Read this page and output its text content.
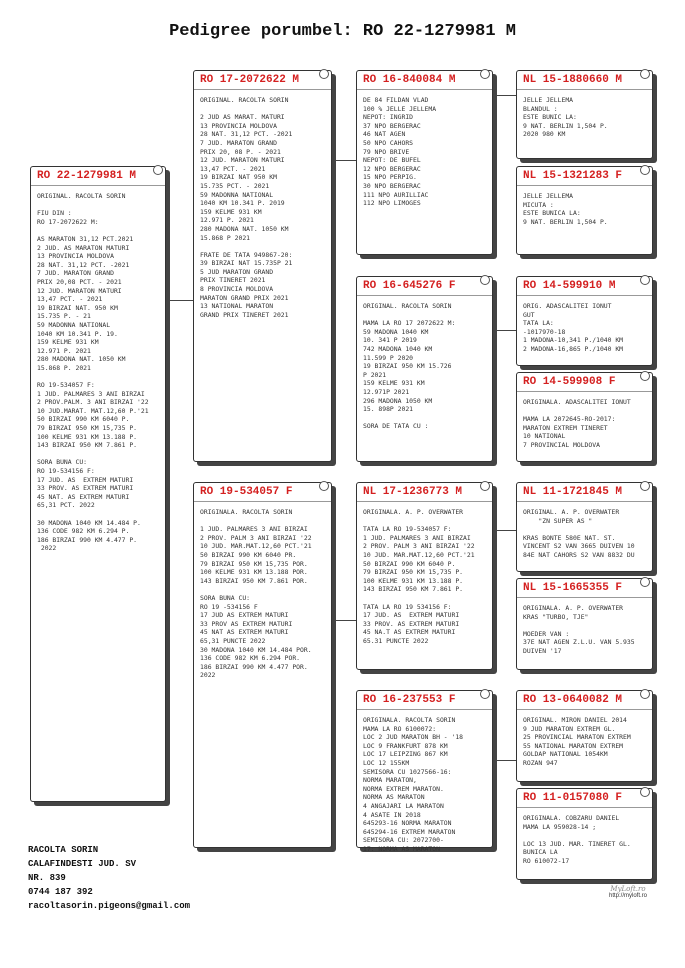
Pedigree porumbel: RO 22-1279981 M
RO 22-1279981 M
ORIGINAL. RACOLTA SORIN

FIU DIN :
RO 17-2072622 M:

AS MARATON 31,12 PCT.2021
2 JUD. AS MARATON MATURI
13 PROVINCIA MOLDOVA
28 NAT. 31,12 PCT. -2021
7 JUD. MARATON GRAND
PRIX 20,08 PCT. - 2021
12 JUD. MARATON MATURI
13,47 PCT. - 2021
19 BIRZAI NAT. 950 KM
15.735 P. - 21
59 MADONNA NATIONAL
1040 KM 10.341 P. 19.
159 KELME 931 KM
12.971 P. 2021
280 MADONA NAT. 1050 KM
15.868 P. 2021

RO 19-534057 F:
1 JUD. PALMARES 3 ANI BIRZAI
2 PROV.PALM. 3 ANI BIRZAI '22
10 JUD.MARAT. MAT.12,60 P.'21
50 BIRZAI 990 KM 6040 P.
79 BIRZAI 950 KM 15,735 P.
100 KELME 931 KM 13.188 P.
143 BIRZAI 950 KM 7.861 P.

SORA BUNA CU:
RO 19-534156 F:
17 JUD. AS  EXTREM MATURI
33 PROV. AS EXTREM MATURI
45 NAT. AS EXTREM MATURI
65,31 PCT. 2022

30 MADONA 1040 KM 14.484 P.
136 CODE 982 KM 6.294 P.
186 BIRZAI 990 KM 4.477 P.
2022
RO 17-2072622 M
ORIGINAL. RACOLTA SORIN

2 JUD AS MARAT. MATURI
13 PROVINCIA MOLDOVA
28 NAT. 31,12 PCT. -2021
7 JUD. MARATON GRAND
PRIX 20, 08 P. - 2021
12 JUD. MARATON MATURI
13,47 PCT. - 2021
19 BIRZAI NAT 950 KM
15.735 PCT. - 2021
59 MADONNA NATIONAL
1040 KM 10.341 P. 2019
159 KELME 931 KM
12.971 P. 2021
280 MADONA NAT. 1050 KM
15.868 P 2021

FRATE DE TATA 949867-20:
39 BIRZAI NAT 15.735P 21
5 JUD MARATON GRAND
PRIX TINERET 2021
8 PROVINCIA MOLDOVA
MARATON GRAND PRIX 2021
13 NATIONAL MARATON
GRAND PRIX TINERET 2021
RO 19-534057 F
ORIGINALA. RACOLTA SORIN

1 JUD. PALMARES 3 ANI BIRZAI
2 PROV. PALM 3 ANI BIRZAI '22
10 JUD. MAR.MAT.12,60 PCT.'21
50 BIRZAI 990 KM 6040 PR.
79 BIRZAI 950 KM 15,735 POR.
100 KELME 931 KM 13.188 POR.
143 BIRZAI 950 KM 7.861 POR.

SORA BUNA CU:
RO 19 -534156 F
17 JUD AS EXTREM MATURI
33 PROV AS EXTREM MATURI
45 NAT AS EXTREM MATURI
65,31 PUNCTE 2022
30 MADONA 1040 KM 14.484 POR.
136 CODE 982 KM 6.294 POR.
186 BIRZAI 990 KM 4.477 POR.
2022
RO 16-840084 M
DE 84 FILDAN VLAD
100 % JELLE JELLEMA
NEPOT: INGRID
37 NPO BERGERAC
46 NAT AGEN
50 NPO CAHORS
79 NPO BRIVE
NEPOT: DE BUFEL
12 NPO BERGERAC
15 NPO PERPIG.
30 NPO BERGERAC
111 NPO AURILLIAC
112 NPO LIMOGES
RO 16-645276 F
ORIGINAL. RACOLTA SORIN

MAMA LA RO 17 2072622 M:
59 MADONA 1040 KM
10. 341 P 2019
742 MADONA 1040 KM
11.599 P 2020
19 BIRZAI 950 KM 15.726
P 2021
159 KELME 931 KM
12.971P 2021
296 MADONA 1050 KM
15. 898P 2021

SORA DE TATA CU :
NL 17-1236773 M
ORIGINALA. A. P. OVERWATER

TATA LA RO 19-534057 F:
1 JUD. PALMARES 3 ANI BIRZAI
2 PROV. PALM 3 ANI BIRZAI '22
10 JUD. MAR.MAT.12,60 PCT.'21
50 BIRZAI 990 KM 6040 P.
79 BIRZAI 950 KM 15,735 P.
100 KELME 931 KM 13.188 P.
143 BIRZAI 950 KM 7.861 P.

TATA LA RO 19 534156 F:
17 JUD. AS  EXTREM MATURI
33 PROV. AS EXTREM MATURI
45 NA.T AS EXTREM MATURI
65.31 PUNCTE 2022
RO 16-237553 F
ORIGINALA. RACOLTA SORIN
MAMA LA RO 6100072:
LOC 2 JUD MARATON BH - '18
LOC 9 FRANKFURT 878 KM
LOC 17 LEIPZING 867 KM
LOC 12 155KM
SEMISORA CU 1027566-16:
NORMA MARATON,
NORMA EXTREM MARATON.
NORMA AS MARATON
4 ANGAJARI LA MARATON
4 ASATE IN 2018
645293-16 NORMA MARATON
645294-16 EXTREM MARATON
SEMISORA CU: 2072700-
17: NORMA AS MARATON
NL 15-1880660 M
JELLE JELLEMA
BLANDUL :
ESTE BUNIC LA:
9 NAT. BERLIN 1,504 P.
2020 980 KM
NL 15-1321283 F
JELLE JELLEMA
MICUTA :
ESTE BUNICA LA:
9 NAT. BERLIN 1,504 P.
RO 14-599910 M
ORIG. ADASCALITEI IONUT
GUT
TATA LA:
-1017970-18
1 MADONA-10,341 P./1040 KM
2 MADONA-16,865 P./1040 KM
RO 14-599908 F
ORIGINALA. ADASCALITEI IONUT

MAMA LA 2072645-RO-2017:
MARATON EXTREM TINERET
10 NATIONAL
7 PROVINCIAL MOLDOVA
NL 11-1721845 M
ORIGINAL. A. P. OVERWATER
"ZN SUPER AS "

KRAS BONTE 580E NAT. ST.
VINCENT S2 VAN 3665 DUIVEN 10
84E NAT CAHORS S2 VAN 8832 DU
NL 15-1665355 F
ORIGINALA. A. P. OVERWATER
KRAS "TURBO, TJE"

MOEDER VAN :
37E NAT AGEN Z.L.U. VAN 5.935
DUIVEN '17
RO 13-0640082 M
ORIGINAL. MIRON DANIEL 2014
9 JUD MARATON EXTREM GL.
25 PROVINCIAL MARATON EXTREM
55 NATIONAL MARATON EXTREM
GOLDAP NATIONAL 1054KM
ROZAN 947
RO 11-0157080 F
ORIGINALA. COBZARU DANIEL
MAMA LA 959028-14 ;

LOC 13 JUD. MAR. TINERET GL.
BUNICA LA
RO 610072-17
RACOLTA SORIN
CALAFINDESTI JUD. SV
NR. 839
0744 187 392
racoltasorin.pigeons@gmail.com
MyLoft.ro
http://myloft.ro
